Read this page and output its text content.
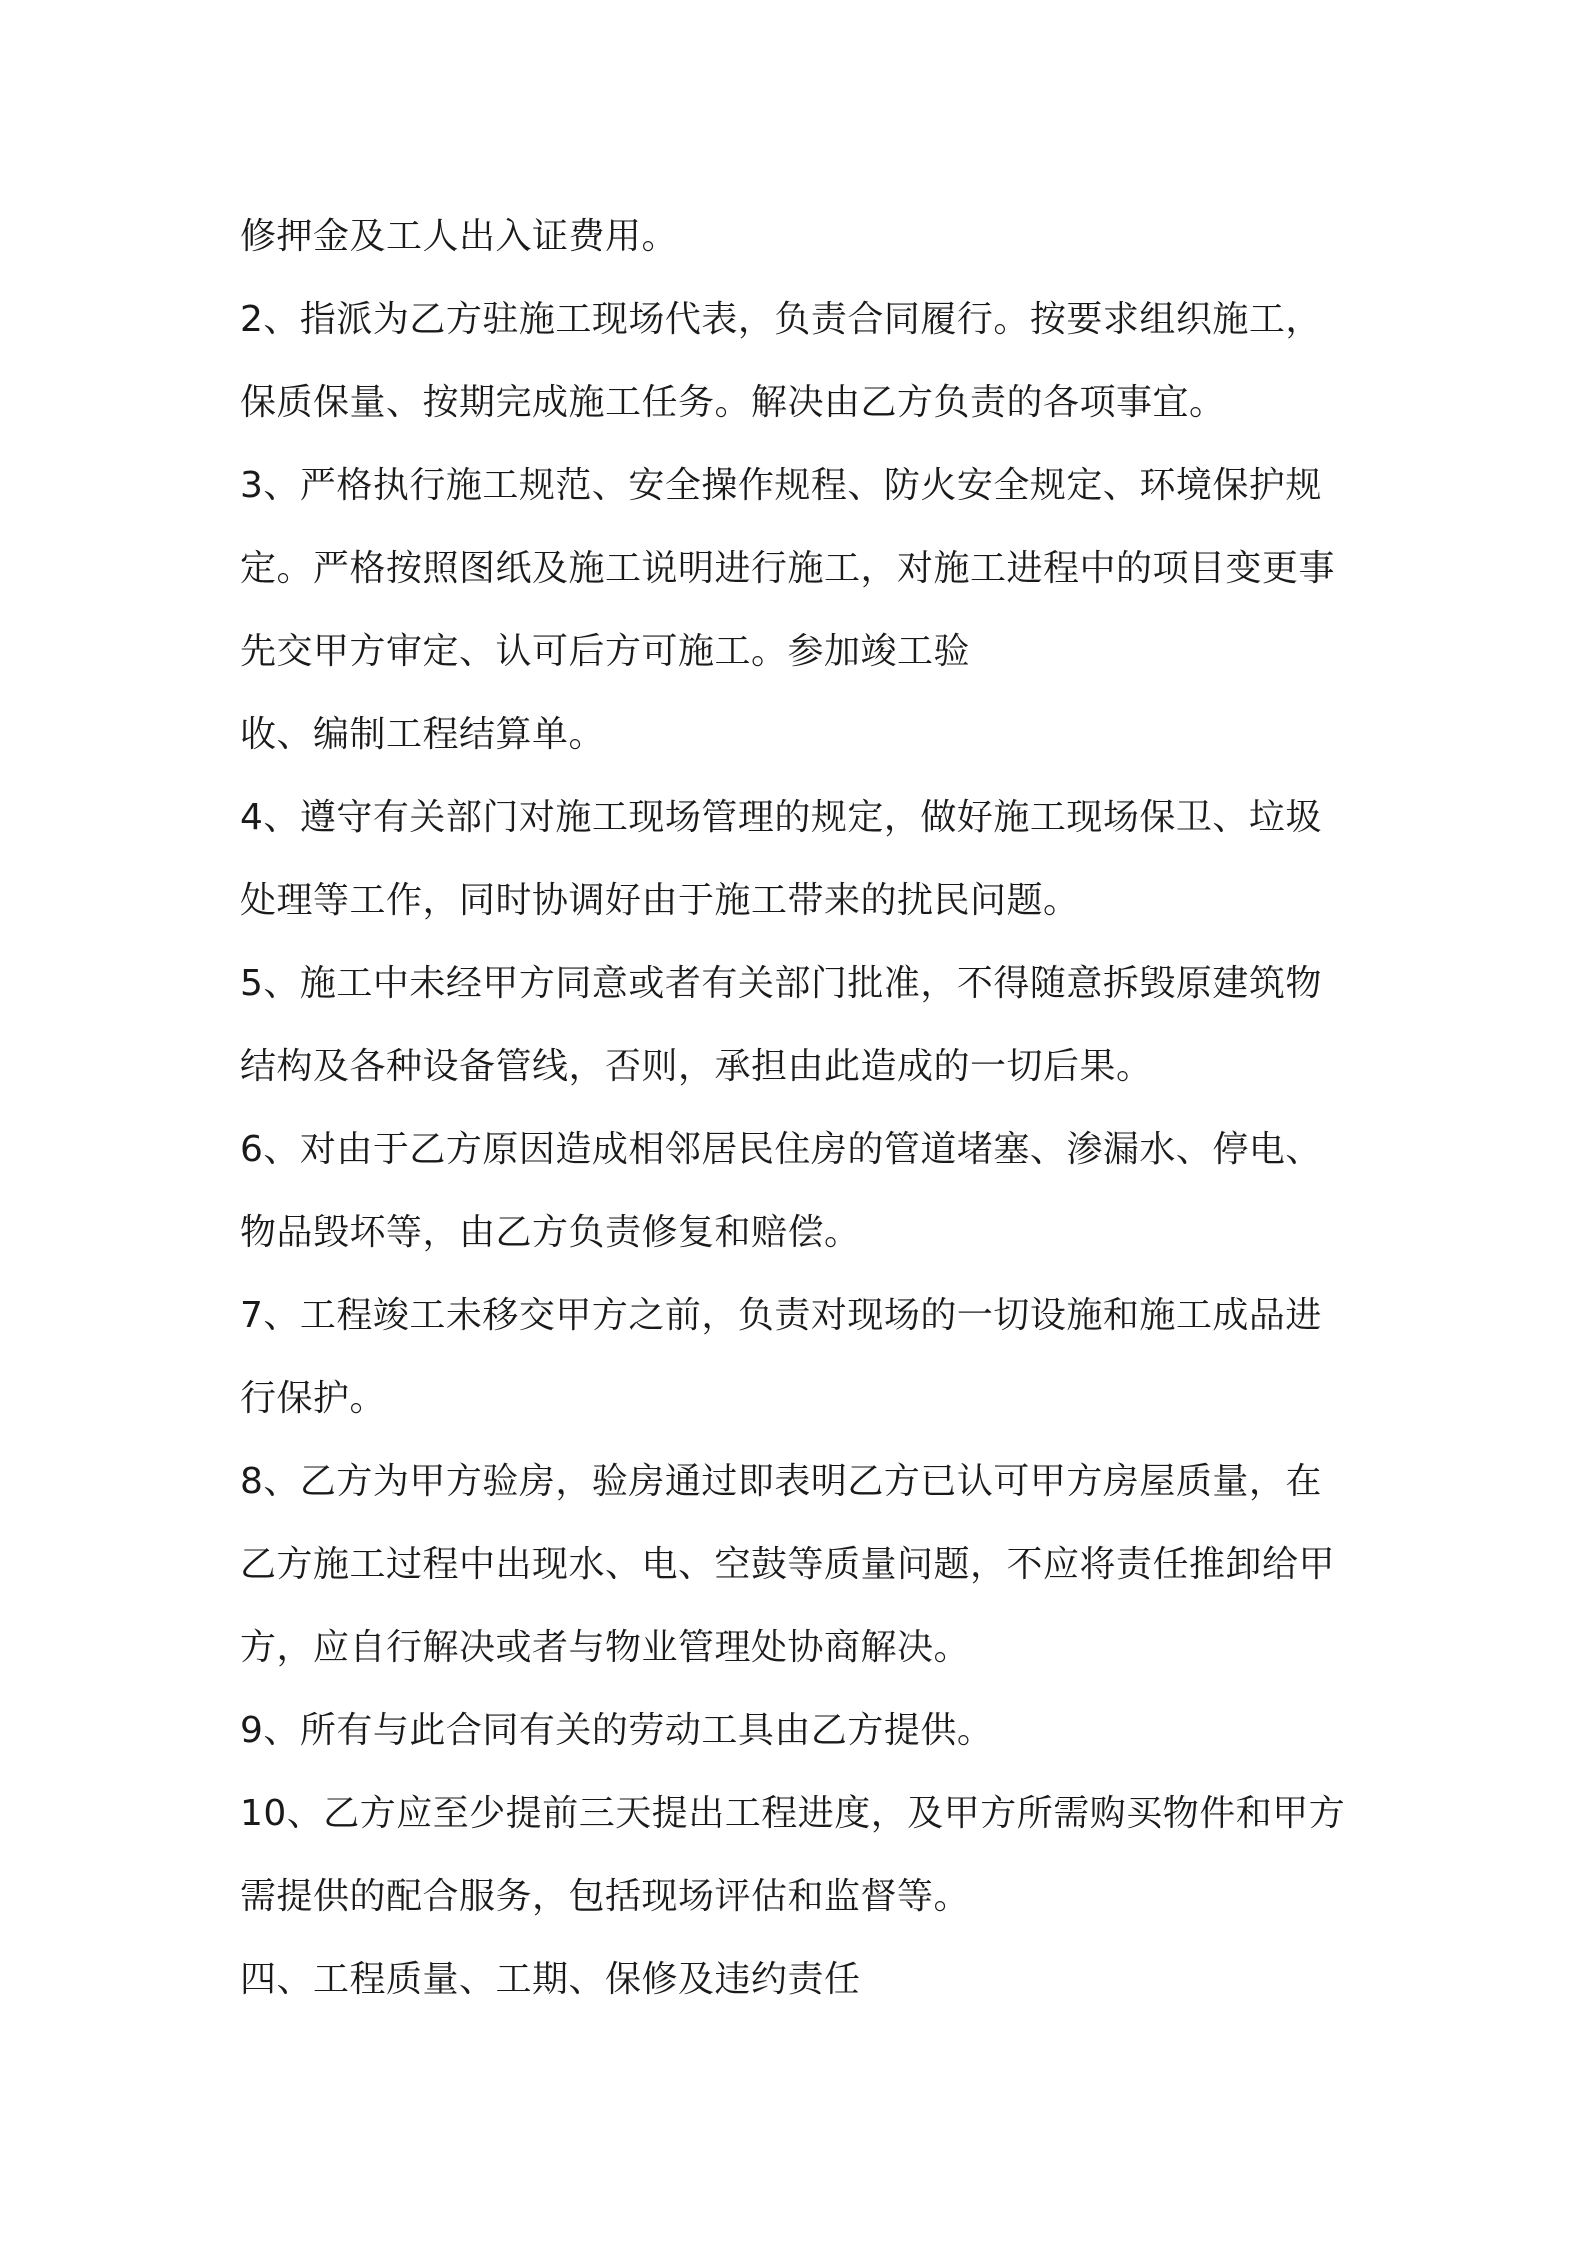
修押金及工人出入证费用。
2、指派为乙方驻施工现场代表，负责合同履行。按要求组织施工，
保质保量、按期完成施工任务。解决由乙方负责的各项事宜。
3、严格执行施工规范、安全操作规程、防火安全规定、环境保护规
定。严格按照图纸及施工说明进行施工，对施工进程中的项目变更事
先交甲方审定、认可后方可施工。参加竣工验
收、编制工程结算单。
4、遵守有关部门对施工现场管理的规定，做好施工现场保卫、垃圾
处理等工作，同时协调好由于施工带来的扰民问题。
5、施工中未经甲方同意或者有关部门批准，不得随意拆毁原建筑物
结构及各种设备管线，否则，承担由此造成的一切后果。
6、对由于乙方原因造成相邻居民住房的管道堵塞、渗漏水、停电、
物品毁坏等，由乙方负责修复和赔偿。
7、工程竣工未移交甲方之前，负责对现场的一切设施和施工成品进
行保护。
8、乙方为甲方验房，验房通过即表明乙方已认可甲方房屋质量，在
乙方施工过程中出现水、电、空鼓等质量问题，不应将责任推卸给甲
方，应自行解决或者与物业管理处协商解决。
9、所有与此合同有关的劳动工具由乙方提供。
10、乙方应至少提前三天提出工程进度，及甲方所需购买物件和甲方
需提供的配合服务，包括现场评估和监督等。
四、工程质量、工期、保修及违约责任
